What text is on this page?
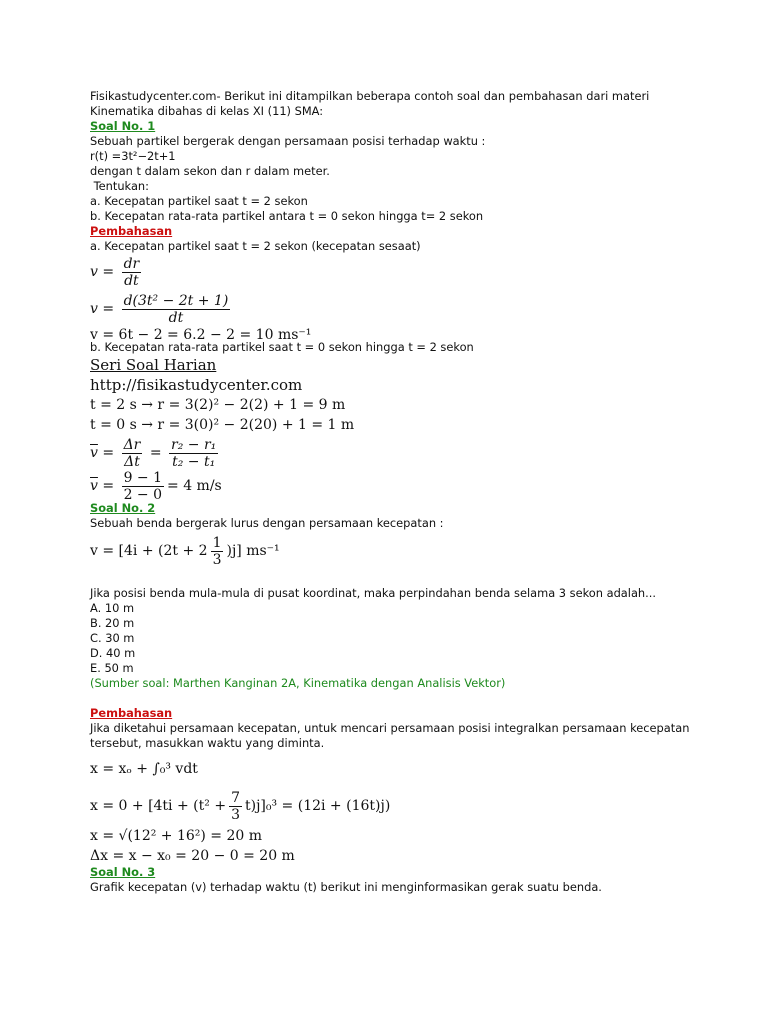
Fisikastudycenter.com- Berikut ini ditampilkan beberapa contoh soal dan pembahasan dari materi Kinematika dibahas di kelas XI (11) SMA:

Soal No. 1

Sebuah partikel bergerak dengan persamaan posisi terhadap waktu :

r(t) =3t²−2t+1

dengan t dalam sekon dan r dalam meter.

Tentukan:

a. Kecepatan partikel saat t = 2 sekon

b. Kecepatan rata-rata partikel antara t = 0 sekon hingga t= 2 sekon

Pembahasan

a. Kecepatan partikel saat t = 2 sekon (kecepatan sesaat)

$v = \frac{dr}{dt}$
$v = \frac{\text{d(3t² − 2t + 1)}}{dt}$

v = 6t − 2 = 6.2 − 2 = 10 ms⁻¹

b. Kecepatan rata-rata partikel saat t = 0 sekon hingga t = 2 sekon

Seri Soal Harian

http://fisikastudycenter.com

t = 2 s → r = 3(2)² − 2(2) + 1 = 9 m

t = 0 s → r = 3(0)² − 2(20) + 1 = 1 m

$\overline{v} = \frac{\Delta r}{\Delta t} = \frac{\text{r₂ − r₁}}{\text{t₂ − t₁}}$
$\overline{v} = \frac{9 - 1}{2 - 0} = 4$ m/s

Soal No. 2

Sebuah benda bergerak lurus dengan persamaan kecepatan :

$v = [4i + (2t + 2 \frac{1}{3} )j]$ ms⁻¹

Jika posisi benda mula-mula di pusat koordinat, maka perpindahan benda selama 3 sekon adalah...

A. 10 m

B. 20 m

C. 30 m

D. 40 m

E. 50 m

(Sumber soal: Marthen Kanginan 2A, Kinematika dengan Analisis Vektor)

Pembahasan

Jika diketahui persamaan kecepatan, untuk mencari persamaan posisi integralkan persamaan kecepatan tersebut, masukkan waktu yang diminta.

x = xₒ + ∫₀³ vdt

$x = 0 + [4ti + (t^2 + \frac{7}{3} t)j]_0^3 = (12i + (16t)j)$

x = √(12² + 16²) = 20 m

Δx = x − x₀ = 20 − 0 = 20 m

Soal No. 3

Grafik kecepatan (v) terhadap waktu (t) berikut ini menginformasikan gerak suatu benda.
